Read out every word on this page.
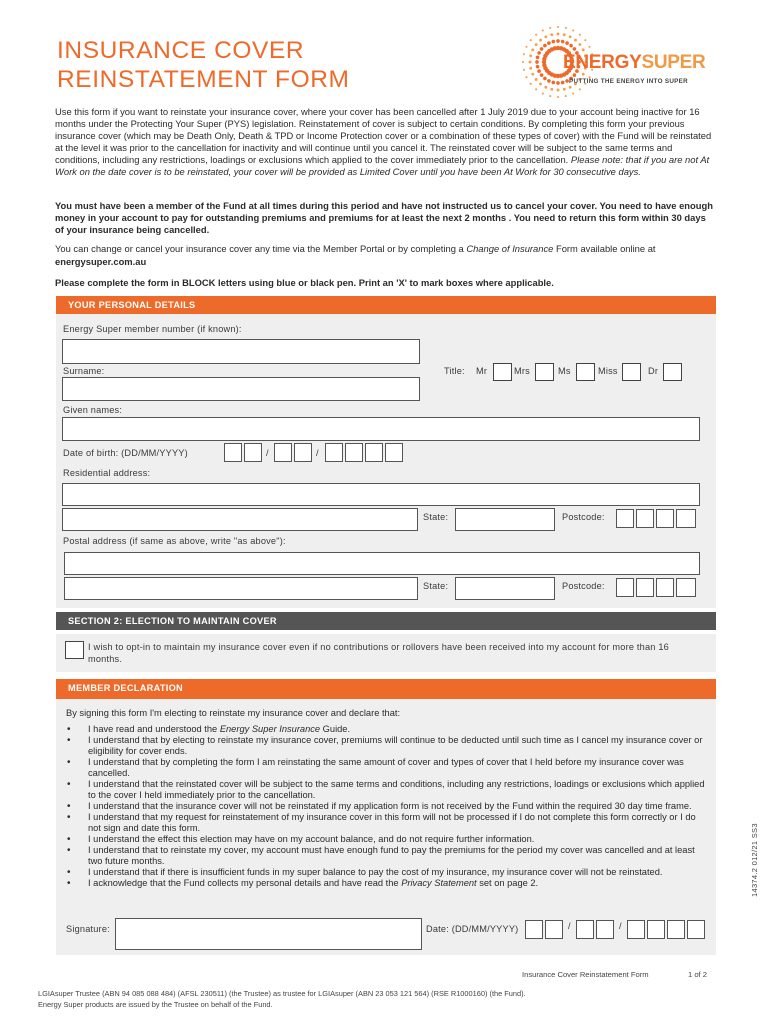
INSURANCE COVER
REINSTATEMENT FORM
ENERGYSUPER
PUTTING THE ENERGY INTO SUPER
Use this form if you want to reinstate your insurance cover, where your cover has been cancelled after 1 July 2019 due to your account being inactive for 16 months under the Protecting Your Super (PYS) legislation. Reinstatement of cover is subject to certain conditions. By completing this form your previous insurance cover (which may be Death Only, Death & TPD or Income Protection cover or a combination of these types of cover) with the Fund will be reinstated at the level it was prior to the cancellation for inactivity and will continue until you cancel it. The reinstated cover will be subject to the same terms and conditions, including any restrictions, loadings or exclusions which applied to the cover immediately prior to the cancellation. Please note: that if you are not At Work on the date cover is to be reinstated, your cover will be provided as Limited Cover until you have been At Work for 30 consecutive days.
You must have been a member of the Fund at all times during this period and have not instructed us to cancel your cover. You need to have enough money in your account to pay for outstanding premiums and premiums for at least the next 2 months . You need to return this form within 30 days of your insurance being cancelled.
You can change or cancel your insurance cover any time via the Member Portal or by completing a Change of Insurance Form available online at energysuper.com.au
Please complete the form in BLOCK letters using blue or black pen. Print an 'X' to mark boxes where applicable.
YOUR PERSONAL DETAILS
Energy Super member number (if known):
Surname:	Title: Mr	Mrs	Ms	Miss	Dr
Given names:
Date of birth: (DD/MM/YYYY)	/	/
Residential address:
State:	Postcode:
Postal address (if same as above, write "as above"):
State:	Postcode:
SECTION 2: ELECTION TO MAINTAIN COVER
I wish to opt-in to maintain my insurance cover even if no contributions or rollovers have been received into my account for more than 16 months.
MEMBER DECLARATION
By signing this form I'm electing to reinstate my insurance cover and declare that:
• I have read and understood the Energy Super Insurance Guide.
• I understand that by electing to reinstate my insurance cover, premiums will continue to be deducted until such time as I cancel my insurance cover or eligibility for cover ends.
• I understand that by completing the form I am reinstating the same amount of cover and types of cover that I held before my insurance cover was cancelled.
• I understand that the reinstated cover will be subject to the same terms and conditions, including any restrictions, loadings or exclusions which applied to the cover I held immediately prior to the cancellation.
• I understand that the insurance cover will not be reinstated if my application form is not received by the Fund within the required 30 day time frame.
• I understand that my request for reinstatement of my insurance cover in this form will not be processed if I do not complete this form correctly or I do not sign and date this form.
• I understand the effect this election may have on my account balance, and do not require further information.
• I understand that to reinstate my cover, my account must have enough fund to pay the premiums for the period my cover was cancelled and at least two future months.
• I understand that if there is insufficient funds in my super balance to pay the cost of my insurance, my insurance cover will not be reinstated.
• I acknowledge that the Fund collects my personal details and have read the Privacy Statement set on page 2.
Signature:	Date: (DD/MM/YYYY)	/	/
14374.2 012/21 SS3
Insurance Cover Reinstatement Form	1 of 2
LGIAsuper Trustee (ABN 94 085 088 484) (AFSL 230511) (the Trustee) as trustee for LGIAsuper (ABN 23 053 121 564) (RSE R1000160) (the Fund).
Energy Super products are issued by the Trustee on behalf of the Fund.
